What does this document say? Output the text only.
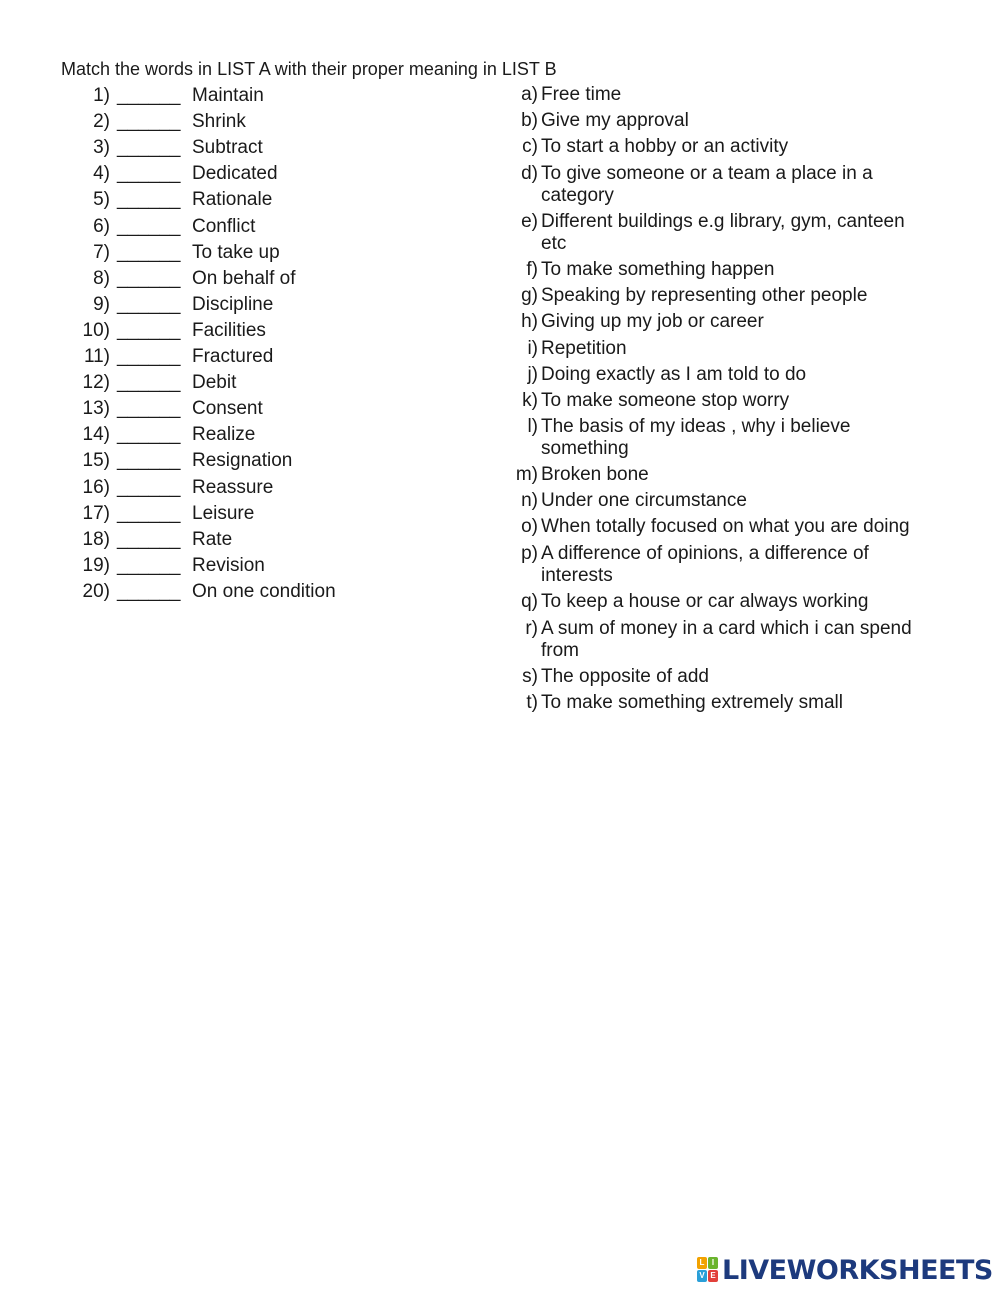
Match the words in LIST A with their proper meaning in LIST B
1) ______ Maintain
2) ______ Shrink
3) ______ Subtract
4) ______ Dedicated
5) ______ Rationale
6) ______ Conflict
7) ______ To take up
8) ______ On behalf of
9) ______ Discipline
10) ______ Facilities
11) ______ Fractured
12) ______ Debit
13) ______ Consent
14) ______ Realize
15) ______ Resignation
16) ______ Reassure
17) ______ Leisure
18) ______ Rate
19) ______ Revision
20) ______ On one condition
a) Free time
b) Give my approval
c) To start a hobby or an activity
d) To give someone or a team a place in a category
e) Different buildings e.g library, gym, canteen etc
f) To make something happen
g) Speaking by representing other people
h) Giving up my job or career
i) Repetition
j) Doing exactly as I am told to do
k) To make someone stop worry
l) The basis of my ideas , why i believe something
m) Broken bone
n) Under one circumstance
o) When totally focused on what you are doing
p) A difference of opinions, a difference of interests
q) To keep a house or car always working
r) A sum of money in a card which i can spend from
s) The opposite of add
t) To make something extremely small
L I
V E LIVEWORKSHEETS
